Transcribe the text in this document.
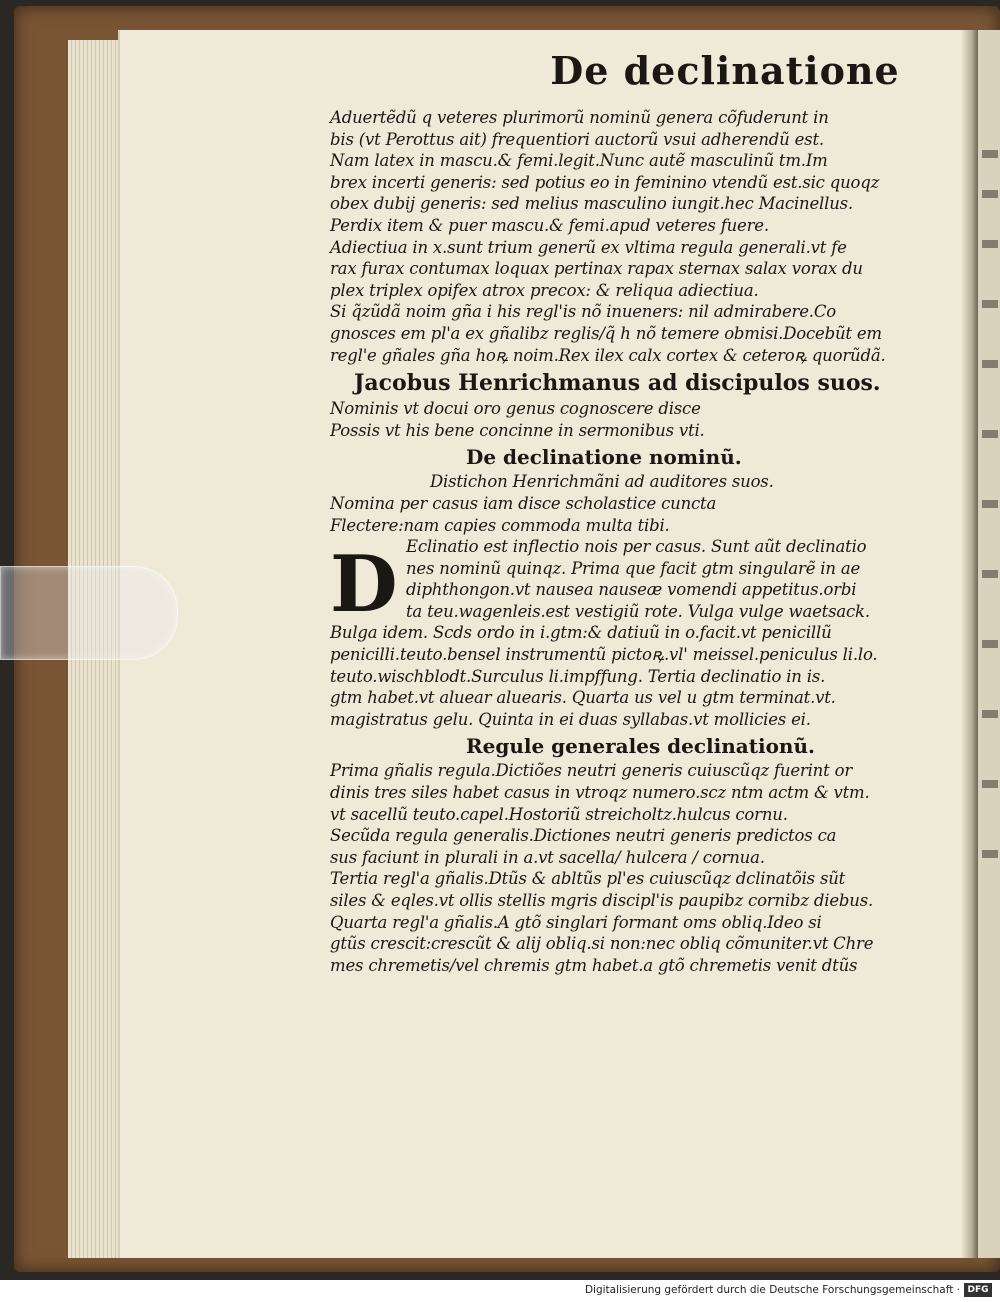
De declinatione
Aduertẽdũ q veteres plurimorũ nominũ genera cõfuderunt in
bis (vt Perottus ait) frequentiori auctorũ vsui adherendũ est.
Nam latex in mascu.& femi.legit.Nunc autẽ masculinũ tm.Im
brex incerti generis: sed potius eo in feminino vtendũ est.sic quoqz
obex dubij generis: sed melius masculino iungit.hec Macinellus.
Perdix item & puer mascu.& femi.apud veteres fuere.
Adiectiua in x.sunt trium generũ ex vltima regula generali.vt fe
rax furax contumax loquax pertinax rapax sternax salax vorax du
plex triplex opifex atrox precox: & reliqua adiectiua.
Si q̃zũdã noim gña i his regl'is nõ inueners: nil admirabere.Co
gnosces em pl'a ex gñalibz reglis/q̃ h nõ temere obmisi.Docebũt em
regl'e gñales gña hoꝶ noim.Rex ilex calx cortex & ceteroꝶ quorũdã.
Jacobus Henrichmanus ad discipulos suos.
Nominis vt docui oro genus cognoscere disce
Possis vt his bene concinne in sermonibus vti.
De declinatione nominũ.
Distichon Henrichmãni ad auditores suos.
Nomina per casus iam disce scholastice cuncta
Flectere:nam capies commoda multa tibi.
D Eclinatio est inflectio nois per casus. Sunt aũt declinatio
nes nominũ quinqz. Prima que facit gtm singularẽ in ae
diphthongon.vt nausea nauseæ vomendi appetitus.orbi
ta teu.wagenleis.est vestigiũ rote. Vulga vulge waetsack.
Bulga idem. Scds ordo in i.gtm:& datiuũ in o.facit.vt penicillũ
penicilli.teuto.bensel instrumentũ pictoꝶ.vl' meissel.peniculus li.lo.
teuto.wischblodt.Surculus li.impffung. Tertia declinatio in is.
gtm habet.vt aluear aluearis. Quarta us vel u gtm terminat.vt.
magistratus gelu. Quinta in ei duas syllabas.vt mollicies ei.
Regule generales declinationũ.
Prima gñalis regula.Dictiões neutri generis cuiuscũqz fuerint or
dinis tres siles habet casus in vtroqz numero.scz ntm actm & vtm.
vt sacellũ teuto.capel.Hostoriũ streicholtz.hulcus cornu.
Secũda regula generalis.Dictiones neutri generis predictos ca
sus faciunt in plurali in a.vt sacella/ hulcera / cornua.
Tertia regl'a gñalis.Dtũs & abltũs pl'es cuiuscũqz dclinatõis sũt
siles & eqles.vt ollis stellis mgris discipl'is paupibz cornibz diebus.
Quarta regl'a gñalis.A gtõ singlari formant oms obliq.Ideo si
gtũs crescit:crescũt & alij obliq.si non:nec obliq cõmuniter.vt Chre
mes chremetis/vel chremis gtm habet.a gtõ chremetis venit dtũs
Digitalisierung gefördert durch die Deutsche Forschungsgemeinschaft · DFG
